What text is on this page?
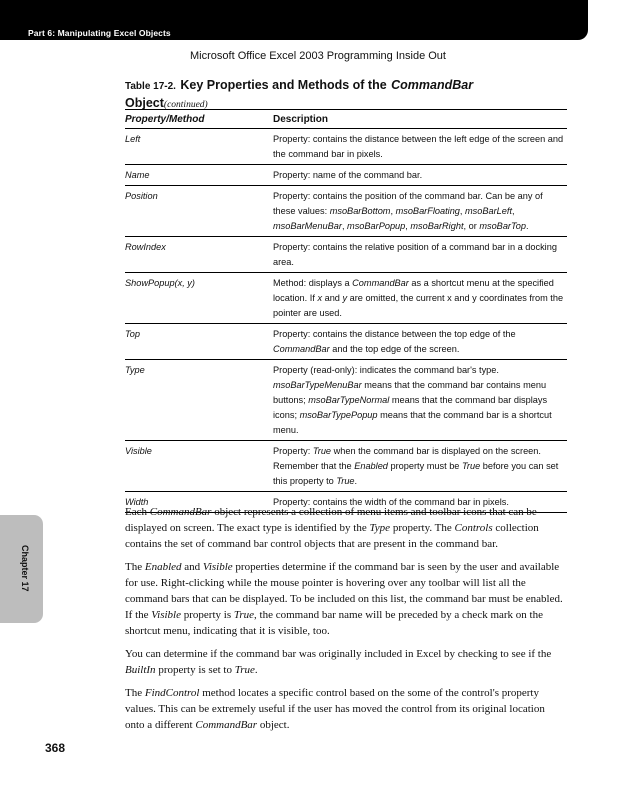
Part 6: Manipulating Excel Objects
Microsoft Office Excel 2003 Programming Inside Out
Table 17-2. Key Properties and Methods of the CommandBar
Object(continued)
Property/Method	Description
Left	Property: contains the distance between the left edge of the screen and the command bar in pixels.
Name	Property: name of the command bar.
Position	Property: contains the position of the command bar. Can be any of these values: msoBarBottom, msoBarFloating, msoBarLeft, msoBarMenuBar, msoBarPopup, msoBarRight, or msoBarTop.
RowIndex	Property: contains the relative position of a command bar in a docking area.
ShowPopup(x, y)	Method: displays a CommandBar as a shortcut menu at the specified location. If x and y are omitted, the current x and y coordinates from the pointer are used.
Top	Property: contains the distance between the top edge of the CommandBar and the top edge of the screen.
Type	Property (read-only): indicates the command bar's type. msoBarTypeMenuBar means that the command bar contains menu buttons; msoBarTypeNormal means that the command bar displays icons; msoBarTypePopup means that the command bar is a shortcut menu.
Visible	Property: True when the command bar is displayed on the screen. Remember that the Enabled property must be True before you can set this property to True.
Width	Property: contains the width of the command bar in pixels.

Each CommandBar object represents a collection of menu items and toolbar icons that can be displayed on screen. The exact type is identified by the Type property. The Controls collection contains the set of command bar control objects that are present in the command bar.

The Enabled and Visible properties determine if the command bar is seen by the user and available for use. Right-clicking while the mouse pointer is hovering over any toolbar will list all the command bars that can be displayed. To be included on this list, the command bar must be enabled. If the Visible property is True, the command bar name will be preceded by a check mark on the shortcut menu, indicating that it is visible, too.

You can determine if the command bar was originally included in Excel by checking to see if the BuiltIn property is set to True.

The FindControl method locates a specific control based on the some of the control's property values. This can be extremely useful if the user has moved the control from its original location onto a different CommandBar object.

Chapter 17
368
